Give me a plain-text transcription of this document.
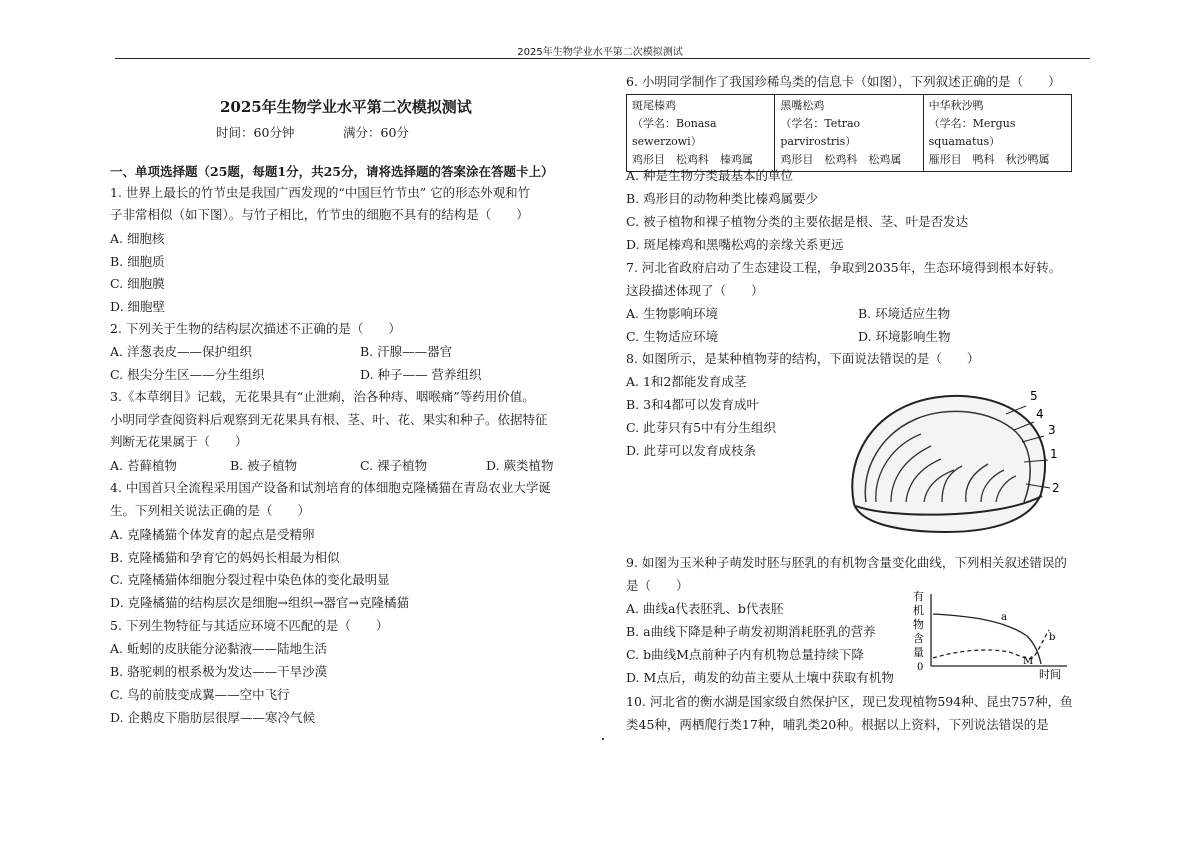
2025年生物学业水平第二次模拟测试
2025年生物学业水平第二次模拟测试
时间：60分钟	满分：60分
一、单项选择题（25题，每题1分，共25分，请将选择题的答案涂在答题卡上）
1. 世界上最长的竹节虫是我国广西发现的“中国巨竹节虫” 它的形态外观和竹
子非常相似（如下图）。与竹子相比，竹节虫的细胞不具有的结构是（　　）
A. 细胞核
B. 细胞质
C. 细胞膜
D. 细胞壁
2. 下列关于生物的结构层次描述不正确的是（　　）
A. 洋葱表皮——保护组织	B. 汗腺——器官
C. 根尖分生区——分生组织	D. 种子—— 营养组织
3.《本草纲目》记载，无花果具有“止泄痢，治各种痔、咽喉痛”等药用价值。
小明同学查阅资料后观察到无花果具有根、茎、叶、花、果实和种子。依据特征
判断无花果属于（　　）
A. 苔藓植物	B. 被子植物	C. 裸子植物	D. 蕨类植物
4. 中国首只全流程采用国产设备和试剂培育的体细胞克隆橘猫在青岛农业大学诞
生。下列相关说法正确的是（　　）
A. 克隆橘猫个体发育的起点是受精卵
B. 克隆橘猫和孕育它的妈妈长相最为相似
C. 克隆橘猫体细胞分裂过程中染色体的变化最明显
D. 克隆橘猫的结构层次是细胞→组织→器官→克隆橘猫
5. 下列生物特征与其适应环境不匹配的是（　　）
A. 蚯蚓的皮肤能分泌黏液——陆地生活
B. 骆驼刺的根系极为发达——干旱沙漠
C. 鸟的前肢变成翼——空中飞行
D. 企鹅皮下脂肪层很厚——寒冷气候
6. 小明同学制作了我国珍稀鸟类的信息卡（如图），下列叙述正确的是（　　）
斑尾榛鸡
（学名：Bonasa sewerzowi）
鸡形目　松鸡科　榛鸡属

黑嘴松鸡
（学名：Tetrao parvirostris）
鸡形目　松鸡科　松鸡属

中华秋沙鸭
（学名：Mergus squamatus）
雁形目　鸭科　秋沙鸭属
A. 种是生物分类最基本的单位
B. 鸡形目的动物种类比榛鸡属要少
C. 被子植物和裸子植物分类的主要依据是根、茎、叶是否发达
D. 斑尾榛鸡和黑嘴松鸡的亲缘关系更远
7. 河北省政府启动了生态建设工程，争取到2035年，生态环境得到根本好转。
这段描述体现了（　　）
A. 生物影响环境	B. 环境适应生物
C. 生物适应环境	D. 环境影响生物
8. 如图所示，是某种植物芽的结构，下面说法错误的是（　　）
A. 1和2都能发育成茎
B. 3和4都可以发育成叶
C. 此芽只有5中有分生组织
D. 此芽可以发育成枝条
5
4
3
1
2
9. 如图为玉米种子萌发时胚与胚乳的有机物含量变化曲线，下列相关叙述错误的
是（　　）
A. 曲线a代表胚乳、b代表胚
B. a曲线下降是种子萌发初期消耗胚乳的营养
C. b曲线M点前种子内有机物总量持续下降
D. M点后，萌发的幼苗主要从土壤中获取有机物
有
机
物
含
量
0
a
b
M
时间
10. 河北省的衡水湖是国家级自然保护区，现已发现植物594种、昆虫757种，鱼
类45种，两栖爬行类17种，哺乳类20种。根据以上资料，下列说法错误的是
